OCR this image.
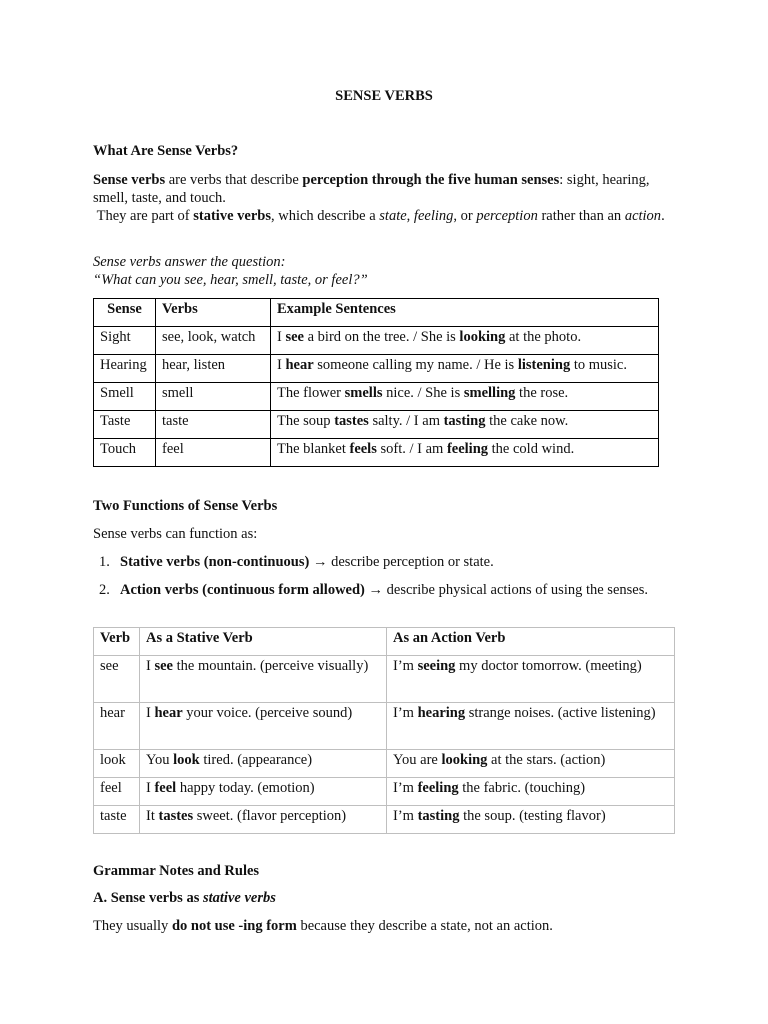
SENSE VERBS
What Are Sense Verbs?
Sense verbs are verbs that describe perception through the five human senses: sight, hearing, smell, taste, and touch.
They are part of stative verbs, which describe a state, feeling, or perception rather than an action.
Sense verbs answer the question:
“What can you see, hear, smell, taste, or feel?”
Sense	Verbs	Example Sentences
Sight	see, look, watch	I see a bird on the tree. / She is looking at the photo.
Hearing	hear, listen	I hear someone calling my name. / He is listening to music.
Smell	smell	The flower smells nice. / She is smelling the rose.
Taste	taste	The soup tastes salty. / I am tasting the cake now.
Touch	feel	The blanket feels soft. / I am feeling the cold wind.
Two Functions of Sense Verbs
Sense verbs can function as:
1. Stative verbs (non-continuous) → describe perception or state.
2. Action verbs (continuous form allowed) → describe physical actions of using the senses.
Verb	As a Stative Verb	As an Action Verb
see	I see the mountain. (perceive visually)	I’m seeing my doctor tomorrow. (meeting)
hear	I hear your voice. (perceive sound)	I’m hearing strange noises. (active listening)
look	You look tired. (appearance)	You are looking at the stars. (action)
feel	I feel happy today. (emotion)	I’m feeling the fabric. (touching)
taste	It tastes sweet. (flavor perception)	I’m tasting the soup. (testing flavor)
Grammar Notes and Rules
A. Sense verbs as stative verbs
They usually do not use -ing form because they describe a state, not an action.
